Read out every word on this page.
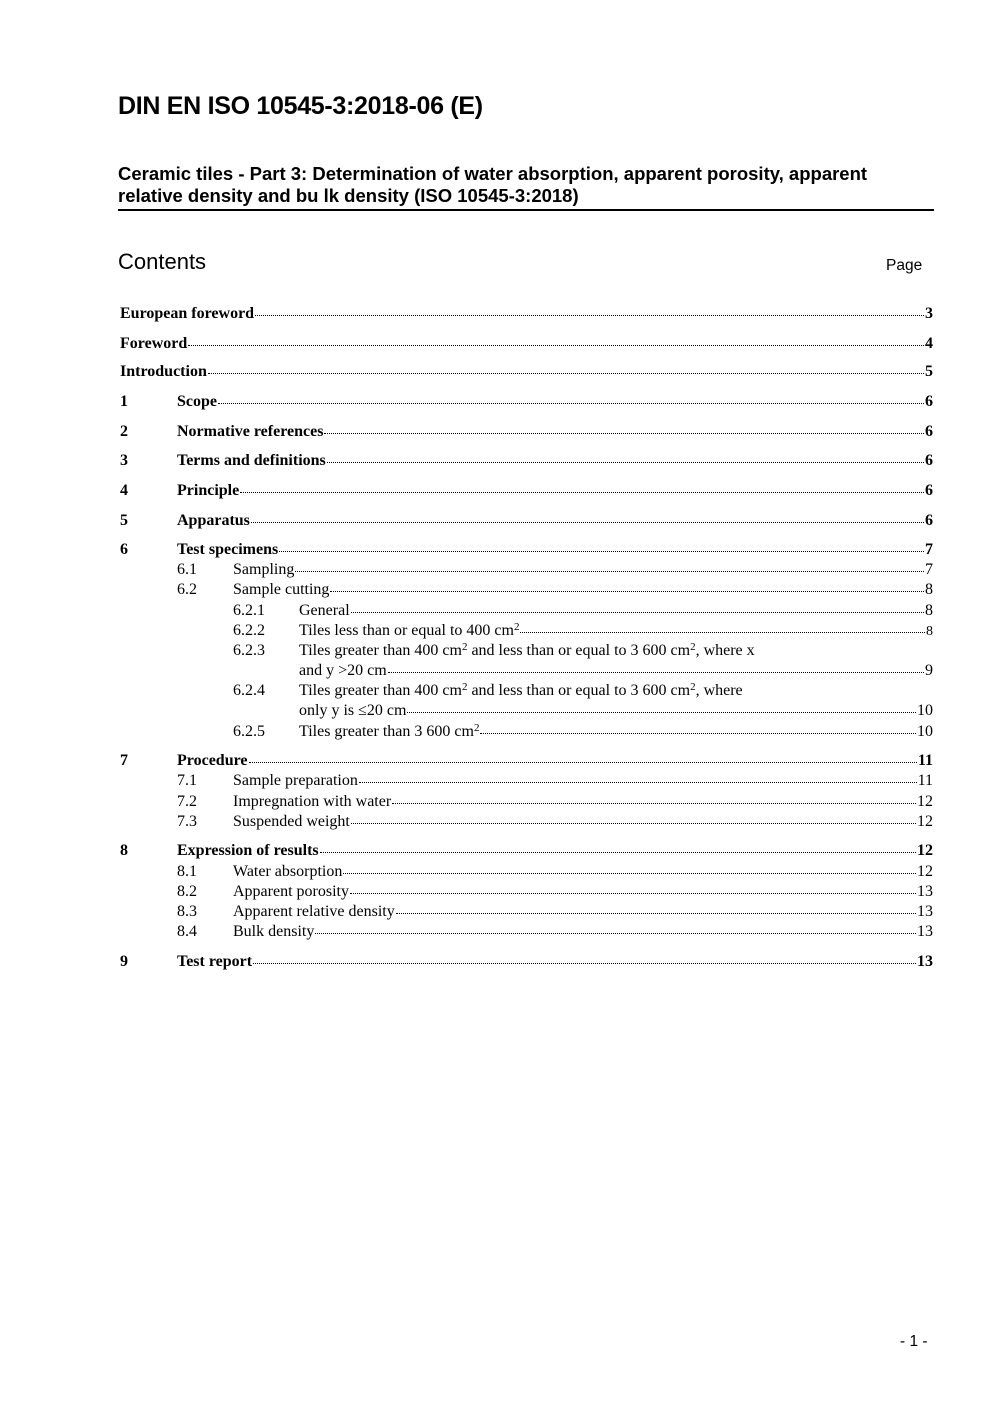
DIN EN ISO 10545-3:2018-06 (E)
Ceramic tiles - Part 3: Determination of water absorption, apparent porosity, apparent relative density and bu lk density (ISO 10545-3:2018)
Contents	Page
European foreword	3
Foreword	4
Introduction	5
1	Scope	6
2	Normative references	6
3	Terms and definitions	6
4	Principle	6
5	Apparatus	6
6	Test specimens	7
6.1	Sampling	7
6.2	Sample cutting	8
6.2.1	General	8
6.2.2	Tiles less than or equal to 400 $cm^2$	8
6.2.3	Tiles greater than 400 $cm^2$ and less than or equal to 3 600 $cm^2$, where x
and y >20 cm	9
6.2.4	Tiles greater than 400 $cm^2$ and less than or equal to 3 600 $cm^2$, where
only y is ≤20 cm	10
6.2.5	Tiles greater than 3 600 $cm^2$	10
7	Procedure	11
7.1	Sample preparation	11
7.2	Impregnation with water	12
7.3	Suspended weight	12
8	Expression of results	12
8.1	Water absorption	12
8.2	Apparent porosity	13
8.3	Apparent relative density	13
8.4	Bulk density	13
9	Test report	13
- 1 -
